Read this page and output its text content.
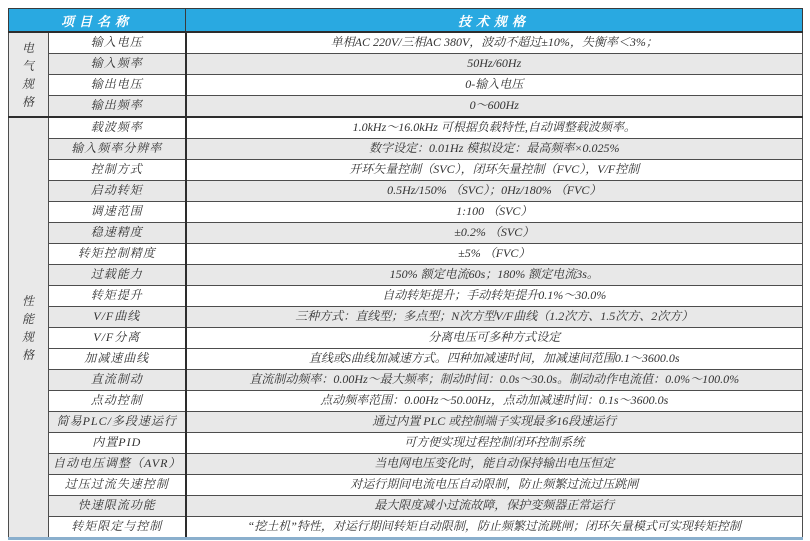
项目名称		技术规格
电气规格	输入电压	单相AC 220V/三相AC 380V，波动不超过±10%，失衡率＜3%；
	输入频率	50Hz/60Hz
	输出电压	0-输入电压
	输出频率	0～600Hz
性能规格	载波频率	1.0kHz～16.0kHz 可根据负载特性,自动调整载波频率。
	输入频率分辨率	数字设定：0.01Hz 模拟设定：最高频率×0.025%
	控制方式	开环矢量控制（SVC），闭环矢量控制（FVC），V/F控制
	启动转矩	0.5Hz/150% （SVC）；0Hz/180% （FVC）
	调速范围	1:100 （SVC）
	稳速精度	±0.2% （SVC）
	转矩控制精度	±5% （FVC）
	过载能力	150% 额定电流60s；180% 额定电流3s。
	转矩提升	自动转矩提升；手动转矩提升0.1%～30.0%
	V/F曲线	三种方式：直线型；多点型；N次方型V/F曲线（1.2次方、1.5次方、2次方）
	V/F分离	分离电压可多种方式设定
	加减速曲线	直线或S曲线加减速方式。四种加减速时间，加减速间范围0.1～3600.0s
	直流制动	直流制动频率：0.00Hz～最大频率；制动时间：0.0s～30.0s。制动动作电流值：0.0%～100.0%
	点动控制	点动频率范围：0.00Hz～50.00Hz，点动加减速时间：0.1s～3600.0s
	简易PLC/多段速运行	通过内置 PLC 或控制端子实现最多16段速运行
	内置PID	可方便实现过程控制闭环控制系统
	自动电压调整（AVR）	当电网电压变化时，能自动保持输出电压恒定
	过压过流失速控制	对运行期间电流电压自动限制，防止频繁过流过压跳闸
	快速限流功能	最大限度减小过流故障，保护变频器正常运行
	转矩限定与控制	“挖土机”特性，对运行期间转矩自动限制，防止频繁过流跳闸；闭环矢量模式可实现转矩控制
